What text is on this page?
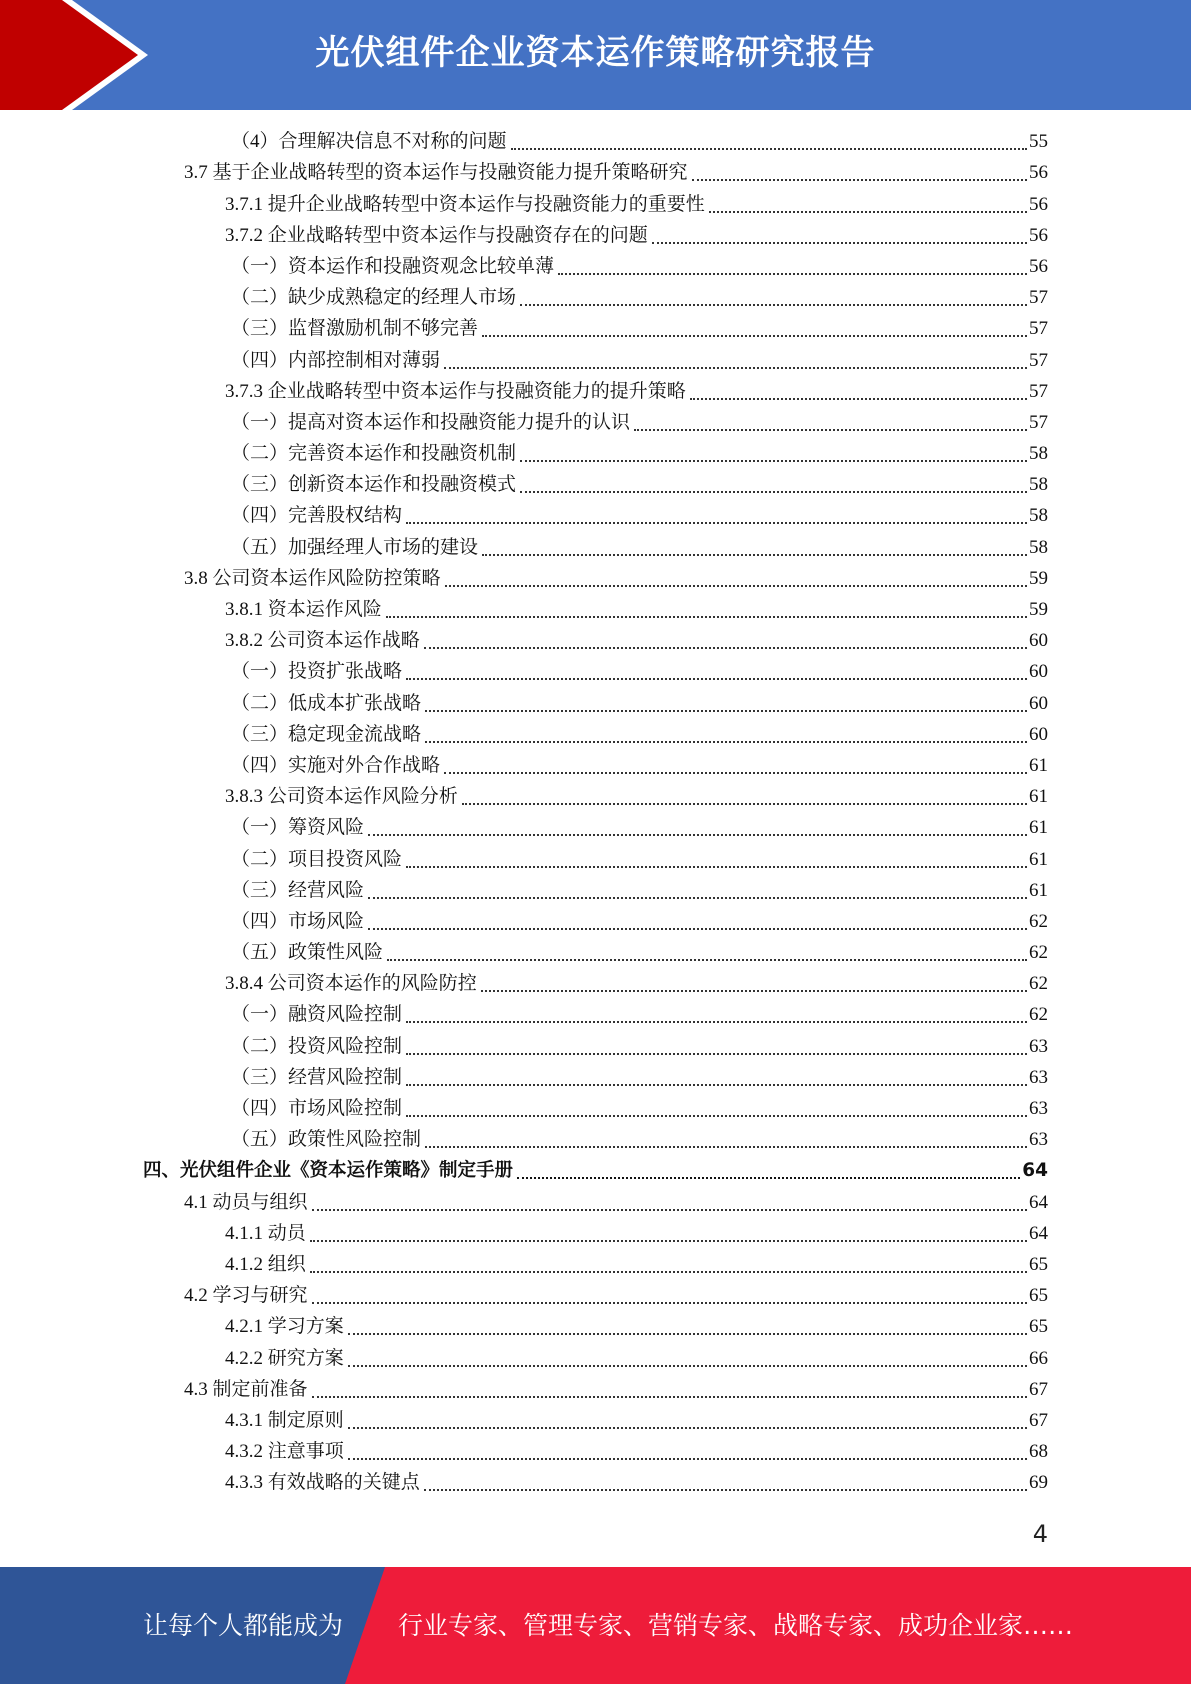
光伏组件企业资本运作策略研究报告
（4）合理解决信息不对称的问题	55
3.7 基于企业战略转型的资本运作与投融资能力提升策略研究	56
3.7.1 提升企业战略转型中资本运作与投融资能力的重要性	56
3.7.2 企业战略转型中资本运作与投融资存在的问题	56
（一）资本运作和投融资观念比较单薄	56
（二）缺少成熟稳定的经理人市场	57
（三）监督激励机制不够完善	57
（四）内部控制相对薄弱	57
3.7.3 企业战略转型中资本运作与投融资能力的提升策略	57
（一）提高对资本运作和投融资能力提升的认识	57
（二）完善资本运作和投融资机制	58
（三）创新资本运作和投融资模式	58
（四）完善股权结构	58
（五）加强经理人市场的建设	58
3.8 公司资本运作风险防控策略	59
3.8.1 资本运作风险	59
3.8.2 公司资本运作战略	60
（一）投资扩张战略	60
（二）低成本扩张战略	60
（三）稳定现金流战略	60
（四）实施对外合作战略	61
3.8.3 公司资本运作风险分析	61
（一）筹资风险	61
（二）项目投资风险	61
（三）经营风险	61
（四）市场风险	62
（五）政策性风险	62
3.8.4 公司资本运作的风险防控	62
（一）融资风险控制	62
（二）投资风险控制	63
（三）经营风险控制	63
（四）市场风险控制	63
（五）政策性风险控制	63
四、光伏组件企业《资本运作策略》制定手册	64
4.1 动员与组织	64
4.1.1 动员	64
4.1.2 组织	65
4.2 学习与研究	65
4.2.1 学习方案	65
4.2.2 研究方案	66
4.3 制定前准备	67
4.3.1 制定原则	67
4.3.2 注意事项	68
4.3.3 有效战略的关键点	69
4
让每个人都能成为 行业专家、管理专家、营销专家、战略专家、成功企业家……
